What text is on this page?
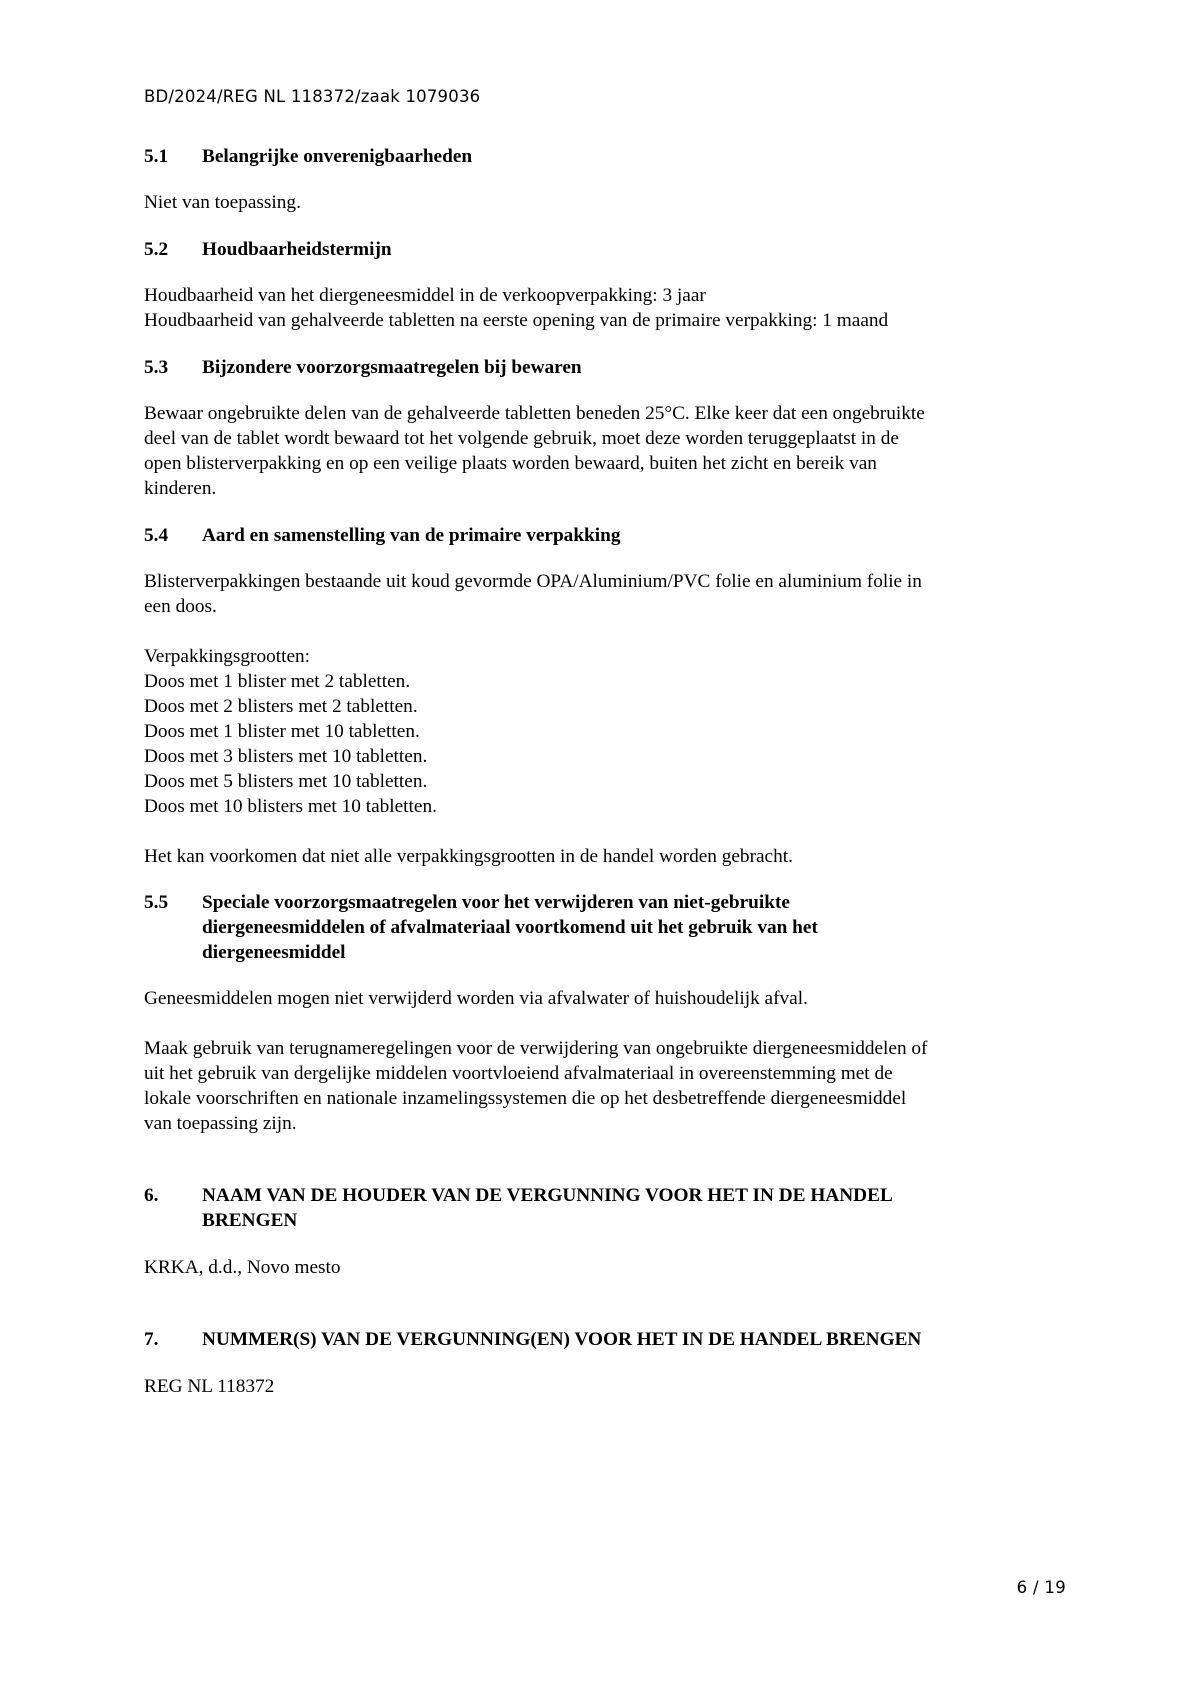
BD/2024/REG NL 118372/zaak 1079036
5.1	Belangrijke onverenigbaarheden

Niet van toepassing.

5.2	Houdbaarheidstermijn

Houdbaarheid van het diergeneesmiddel in de verkoopverpakking: 3 jaar
Houdbaarheid van gehalveerde tabletten na eerste opening van de primaire verpakking: 1 maand

5.3	Bijzondere voorzorgsmaatregelen bij bewaren

Bewaar ongebruikte delen van de gehalveerde tabletten beneden 25°C. Elke keer dat een ongebruikte
deel van de tablet wordt bewaard tot het volgende gebruik, moet deze worden teruggeplaatst in de
open blisterverpakking en op een veilige plaats worden bewaard, buiten het zicht en bereik van
kinderen.

5.4	Aard en samenstelling van de primaire verpakking

Blisterverpakkingen bestaande uit koud gevormde OPA/Aluminium/PVC folie en aluminium folie in
een doos.

Verpakkingsgrootten:
Doos met 1 blister met 2 tabletten.
Doos met 2 blisters met 2 tabletten.
Doos met 1 blister met 10 tabletten.
Doos met 3 blisters met 10 tabletten.
Doos met 5 blisters met 10 tabletten.
Doos met 10 blisters met 10 tabletten.

Het kan voorkomen dat niet alle verpakkingsgrootten in de handel worden gebracht.

5.5	Speciale voorzorgsmaatregelen voor het verwijderen van niet-gebruikte
diergeneesmiddelen of afvalmateriaal voortkomend uit het gebruik van het
diergeneesmiddel

Geneesmiddelen mogen niet verwijderd worden via afvalwater of huishoudelijk afval.

Maak gebruik van terugnameregelingen voor de verwijdering van ongebruikte diergeneesmiddelen of
uit het gebruik van dergelijke middelen voortvloeiend afvalmateriaal in overeenstemming met de
lokale voorschriften en nationale inzamelingssystemen die op het desbetreffende diergeneesmiddel
van toepassing zijn.

6.	NAAM VAN DE HOUDER VAN DE VERGUNNING VOOR HET IN DE HANDEL
BRENGEN

KRKA, d.d., Novo mesto

7.	NUMMER(S) VAN DE VERGUNNING(EN) VOOR HET IN DE HANDEL BRENGEN

REG NL 118372

6 / 19
